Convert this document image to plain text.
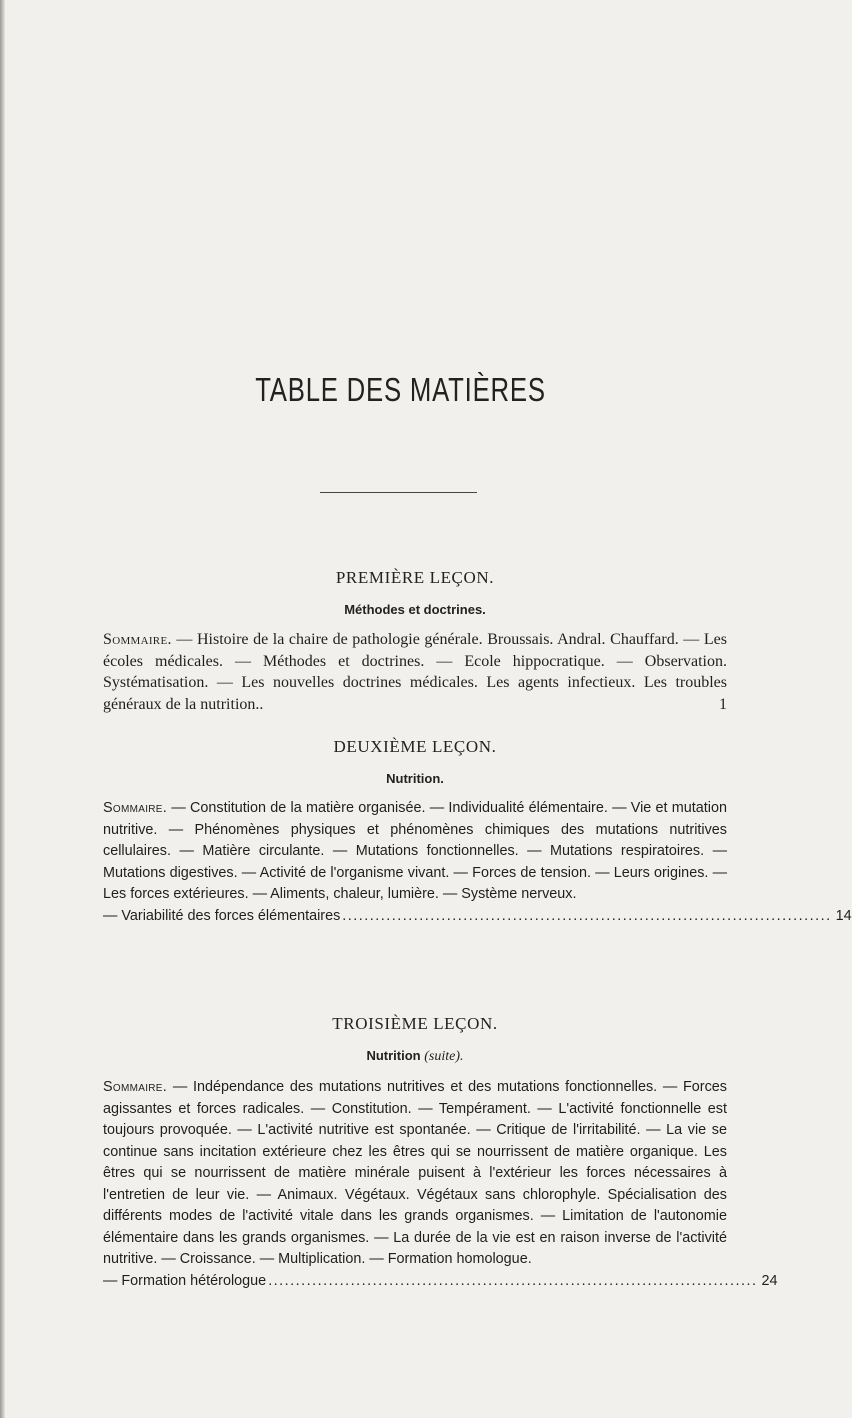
TABLE DES MATIÈRES
PREMIÈRE LEÇON.
Méthodes et doctrines.
Sommaire. — Histoire de la chaire de pathologie générale. Broussais. Andral. Chauffard. — Les écoles médicales. — Méthodes et doctrines. — Ecole hippocratique. — Observation. Systématisation. — Les nouvelles doctrines médicales. Les agents infectieux. Les troubles généraux de la nutrition..	1
DEUXIÈME LEÇON.
Nutrition.
Sommaire. — Constitution de la matière organisée. — Individualité élémentaire. — Vie et mutation nutritive. — Phénomènes physiques et phénomènes chimiques des mutations nutritives cellulaires. — Matière circulante. — Mutations fonctionnelles. — Mutations respiratoires. — Mutations digestives. — Activité de l'organisme vivant. — Forces de tension. — Leurs origines. — Les forces extérieures. — Aliments, chaleur, lumière. — Système nerveux.
— Variabilité des forces élémentaires ......................................................................................... 14
TROISIÈME LEÇON.
Nutrition (suite).
Sommaire. — Indépendance des mutations nutritives et des mutations fonctionnelles. — Forces agissantes et forces radicales. — Constitution. — Tempérament. — L'activité fonctionnelle est toujours provoquée. — L'activité nutritive est spontanée. — Critique de l'irritabilité. — La vie se continue sans incitation extérieure chez les êtres qui se nourrissent de matière organique. Les êtres qui se nourrissent de matière minérale puisent à l'extérieur les forces nécessaires à l'entretien de leur vie. — Animaux. Végétaux. Végétaux sans chlorophyle. Spécialisation des différents modes de l'activité vitale dans les grands organismes. — Limitation de l'autonomie élémentaire dans les grands organismes. — La durée de la vie est en raison inverse de l'activité nutritive. — Croissance. — Multiplication. — Formation homologue.
— Formation hétérologue ......................................................................................... 24
